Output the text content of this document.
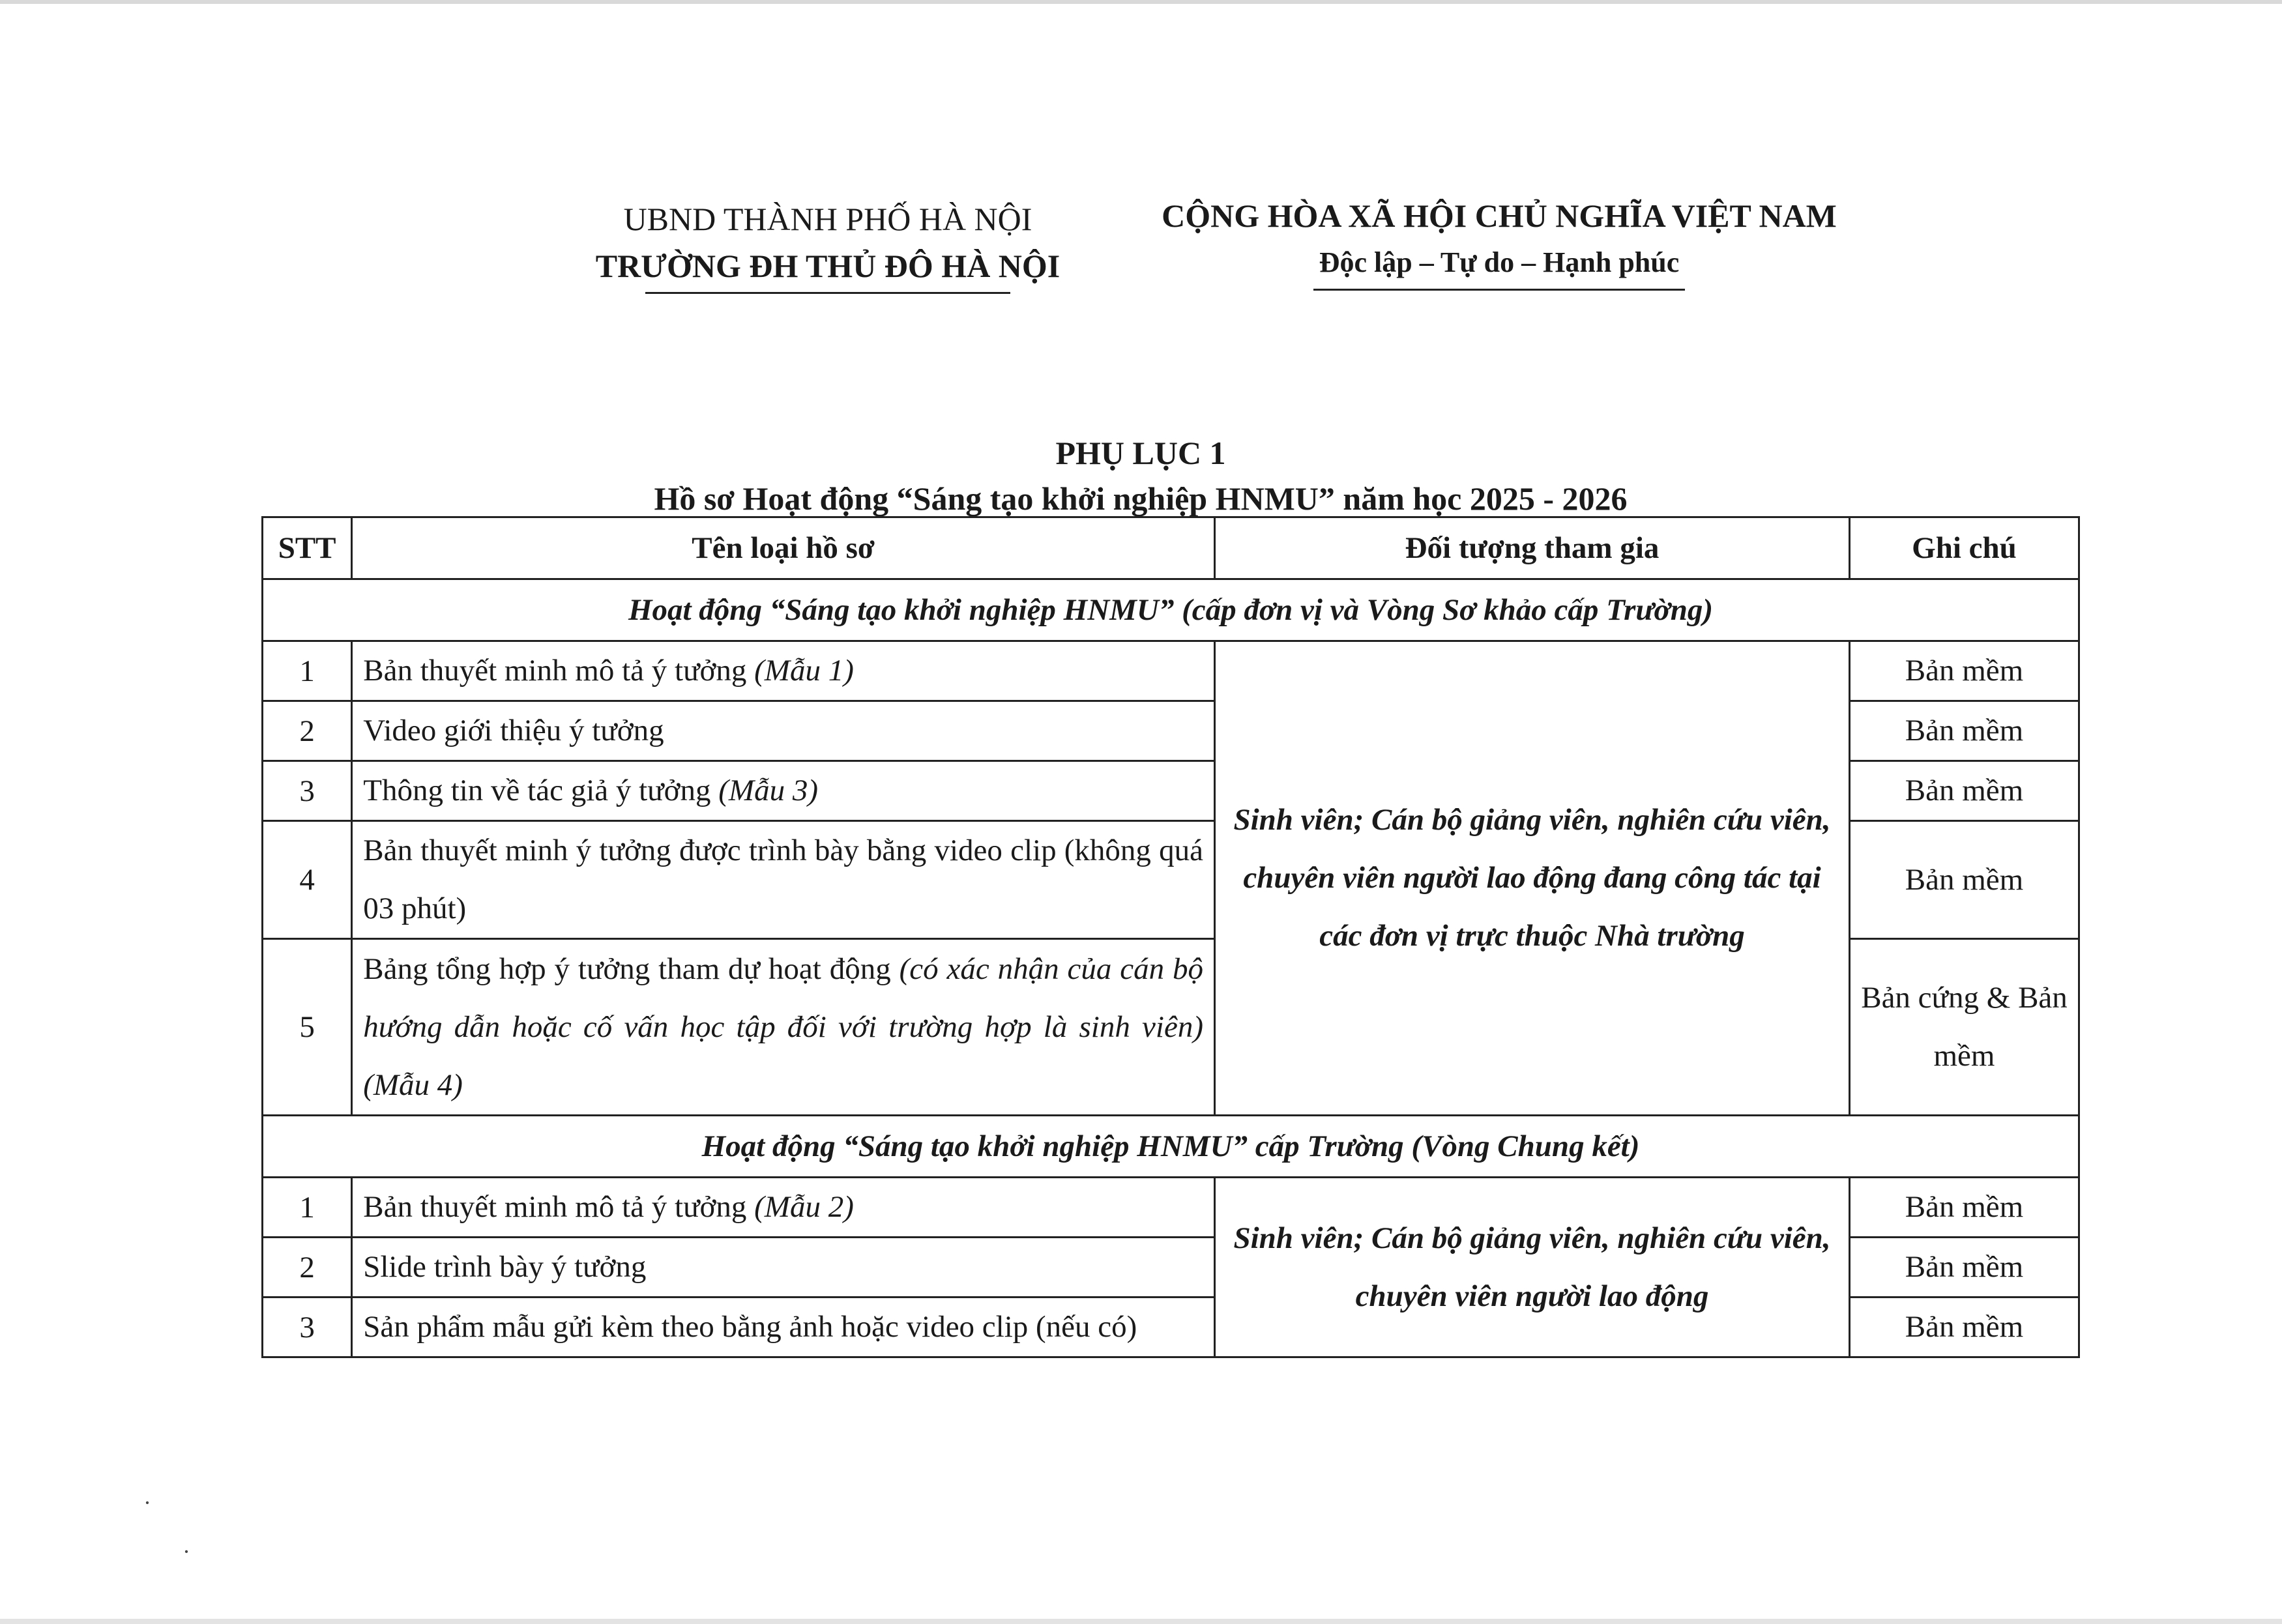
UBND THÀNH PHỐ HÀ NỘI
TRƯỜNG ĐH THỦ ĐÔ HÀ NỘI
CỘNG HÒA XÃ HỘI CHỦ NGHĨA VIỆT NAM
Độc lập – Tự do – Hạnh phúc
PHỤ LỤC 1
Hồ sơ Hoạt động “Sáng tạo khởi nghiệp HNMU” năm học 2025 - 2026
STT	Tên loại hồ sơ	Đối tượng tham gia	Ghi chú
Hoạt động “Sáng tạo khởi nghiệp HNMU” (cấp đơn vị và Vòng Sơ khảo cấp Trường)			
1	Bản thuyết minh mô tả ý tưởng (Mẫu 1)	Sinh viên; Cán bộ giảng viên, nghiên cứu viên, chuyên viên người lao động đang công tác tại các đơn vị trực thuộc Nhà trường	Bản mềm
2	Video giới thiệu ý tưởng		Bản mềm
3	Thông tin về tác giả ý tưởng (Mẫu 3)		Bản mềm
4	Bản thuyết minh ý tưởng được trình bày bằng video clip (không quá 03 phút)		Bản mềm
5	Bảng tổng hợp ý tưởng tham dự hoạt động (có xác nhận của cán bộ hướng dẫn hoặc cố vấn học tập đối với trường hợp là sinh viên) (Mẫu 4)		Bản cứng & Bản mềm
Hoạt động “Sáng tạo khởi nghiệp HNMU” cấp Trường (Vòng Chung kết)			
1	Bản thuyết minh mô tả ý tưởng (Mẫu 2)	Sinh viên; Cán bộ giảng viên, nghiên cứu viên, chuyên viên người lao động	Bản mềm
2	Slide trình bày ý tưởng		Bản mềm
3	Sản phẩm mẫu gửi kèm theo bằng ảnh hoặc video clip (nếu có)		Bản mềm
·
·
